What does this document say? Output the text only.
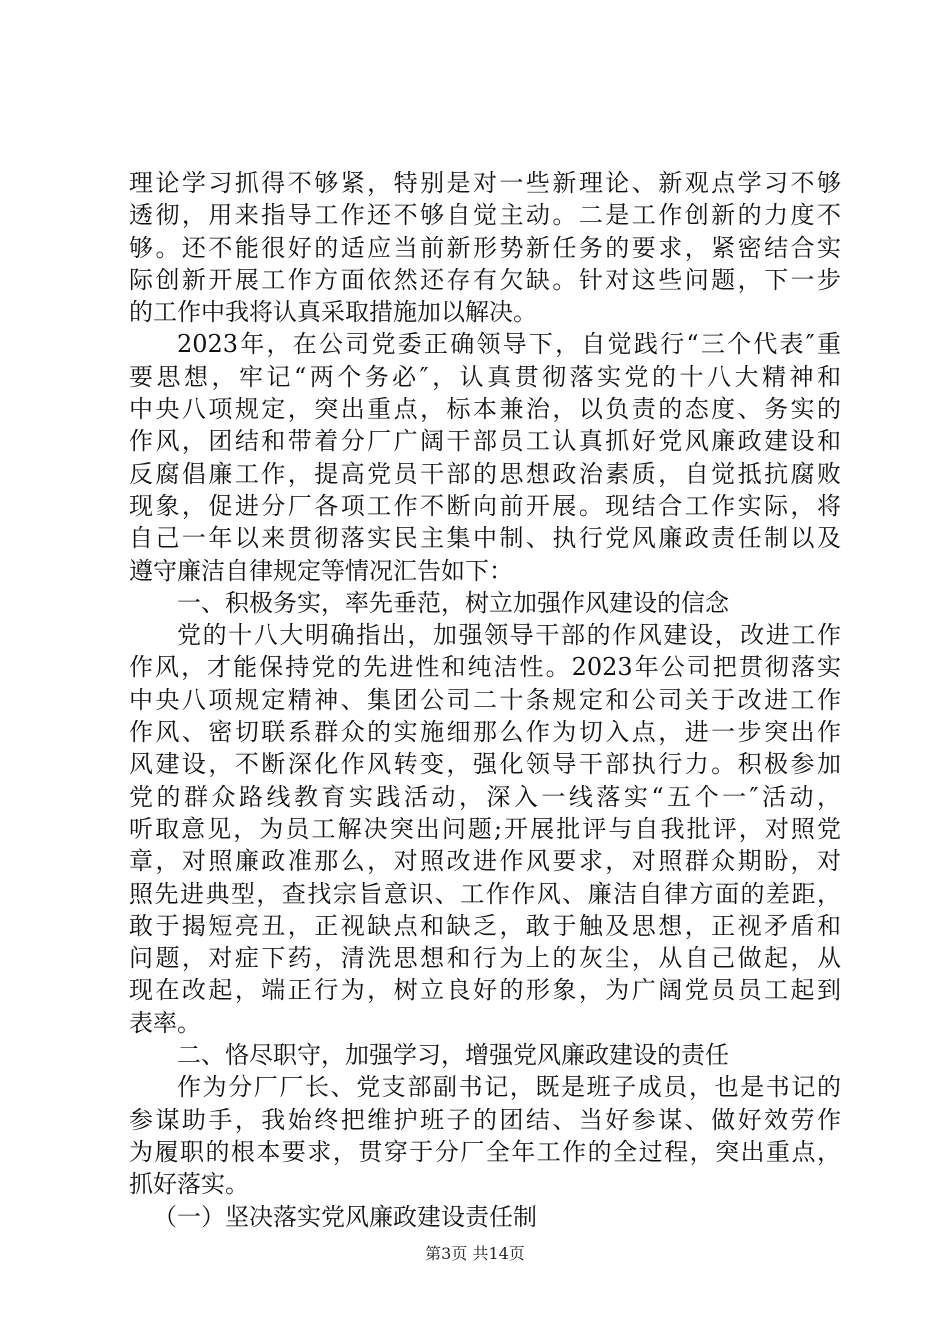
理论学习抓得不够紧，特别是对一些新理论、新观点学习不够
透彻，用来指导工作还不够自觉主动。二是工作创新的力度不
够。还不能很好的适应当前新形势新任务的要求，紧密结合实
际创新开展工作方面依然还存有欠缺。针对这些问题，下一步
的工作中我将认真采取措施加以解决。
2023年，在公司党委正确领导下，自觉践行“三个代表″重
要思想，牢记“两个务必″，认真贯彻落实党的十八大精神和
中央八项规定，突出重点，标本兼治，以负责的态度、务实的
作风，团结和带着分厂广阔干部员工认真抓好党风廉政建设和
反腐倡廉工作，提高党员干部的思想政治素质，自觉抵抗腐败
现象，促进分厂各项工作不断向前开展。现结合工作实际，将
自己一年以来贯彻落实民主集中制、执行党风廉政责任制以及
遵守廉洁自律规定等情况汇告如下：
一、积极务实，率先垂范，树立加强作风建设的信念
党的十八大明确指出，加强领导干部的作风建设，改进工作
作风，才能保持党的先进性和纯洁性。2023年公司把贯彻落实
中央八项规定精神、集团公司二十条规定和公司关于改进工作
作风、密切联系群众的实施细那么作为切入点，进一步突出作
风建设，不断深化作风转变，强化领导干部执行力。积极参加
党的群众路线教育实践活动，深入一线落实“五个一″活动，
听取意见，为员工解决突出问题;开展批评与自我批评，对照党
章，对照廉政准那么，对照改进作风要求，对照群众期盼，对
照先进典型，查找宗旨意识、工作作风、廉洁自律方面的差距，
敢于揭短亮丑，正视缺点和缺乏，敢于触及思想，正视矛盾和
问题，对症下药，清洗思想和行为上的灰尘，从自己做起，从
现在改起，端正行为，树立良好的形象，为广阔党员员工起到
表率。
二、恪尽职守，加强学习，增强党风廉政建设的责任
作为分厂厂长、党支部副书记，既是班子成员，也是书记的
参谋助手，我始终把维护班子的团结、当好参谋、做好效劳作
为履职的根本要求，贯穿于分厂全年工作的全过程，突出重点，
抓好落实。
（一）坚决落实党风廉政建设责任制
第3页 共14页
